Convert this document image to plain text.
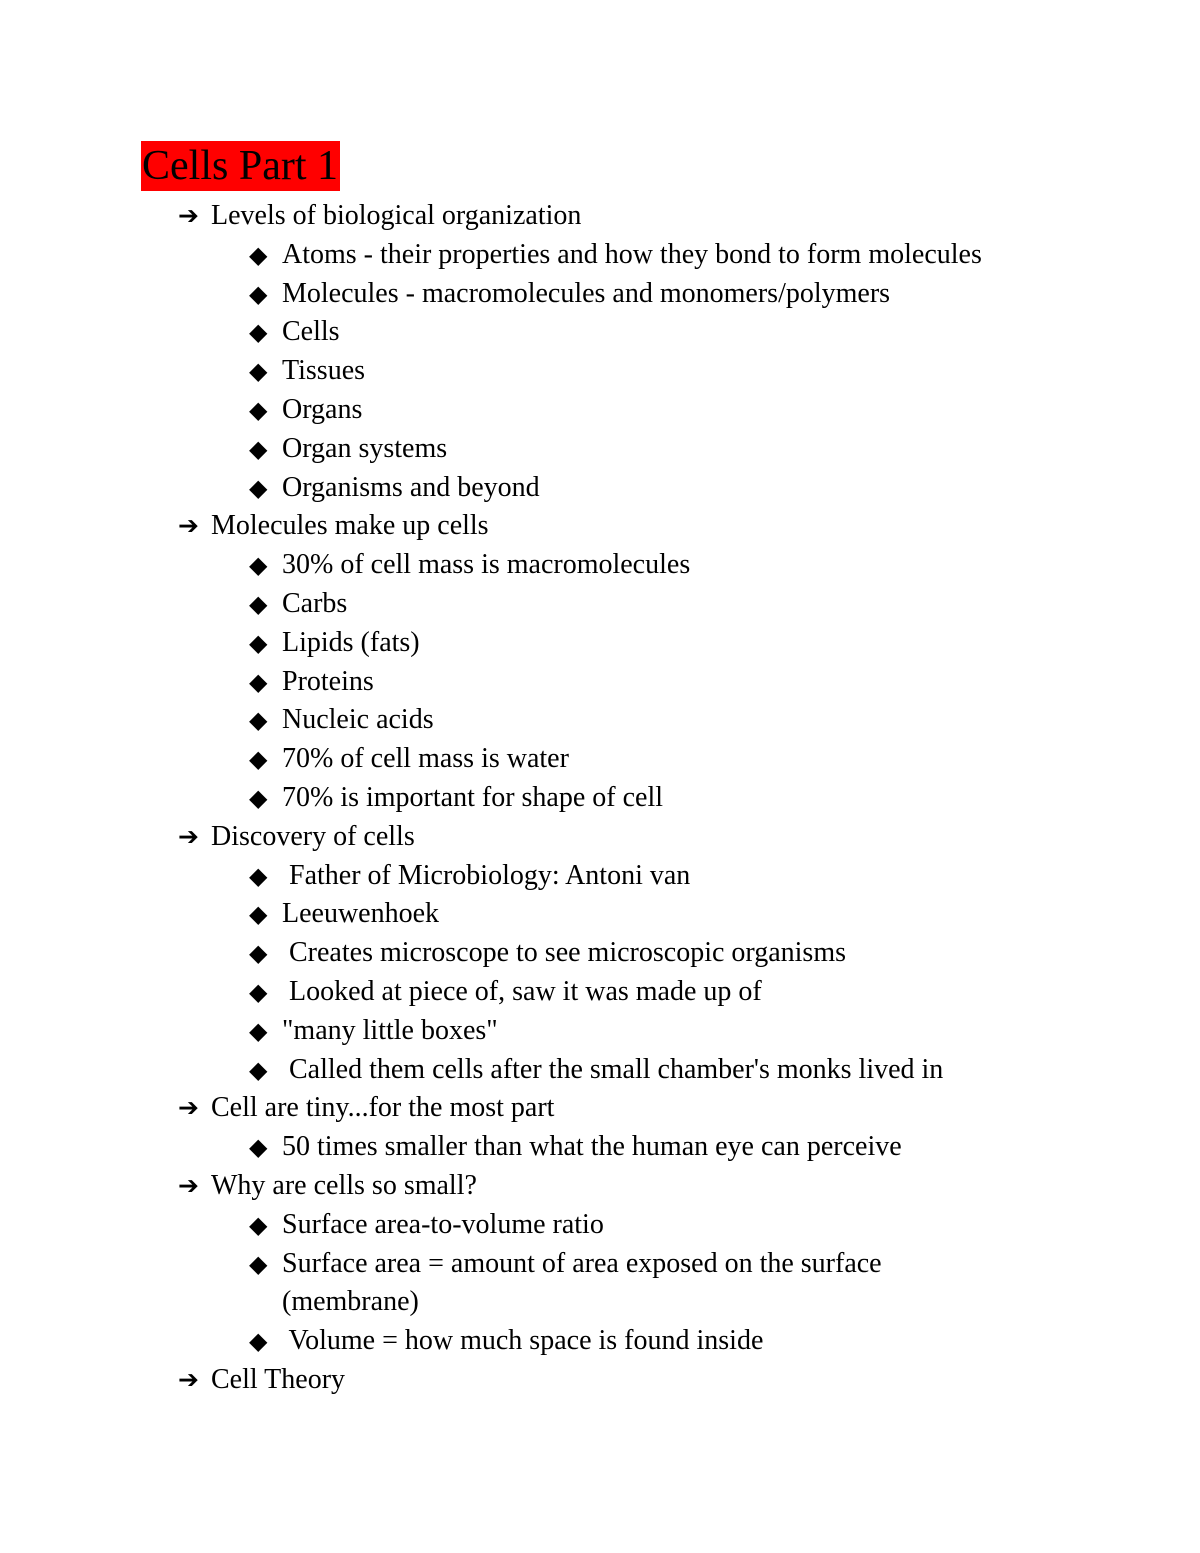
Cells Part 1
➔ Levels of biological organization
◆ Atoms - their properties and how they bond to form molecules
◆ Molecules - macromolecules and monomers/polymers
◆ Cells
◆ Tissues
◆ Organs
◆ Organ systems
◆ Organisms and beyond
➔ Molecules make up cells
◆ 30% of cell mass is macromolecules
◆ Carbs
◆ Lipids (fats)
◆ Proteins
◆ Nucleic acids
◆ 70% of cell mass is water
◆ 70% is important for shape of cell
➔ Discovery of cells
◆ Father of Microbiology: Antoni van
◆ Leeuwenhoek
◆ Creates microscope to see microscopic organisms
◆ Looked at piece of, saw it was made up of
◆ "many little boxes"
◆ Called them cells after the small chamber's monks lived in
➔ Cell are tiny...for the most part
◆ 50 times smaller than what the human eye can perceive
➔ Why are cells so small?
◆ Surface area-to-volume ratio
◆ Surface area = amount of area exposed on the surface
(membrane)
◆ Volume = how much space is found inside
➔ Cell Theory
